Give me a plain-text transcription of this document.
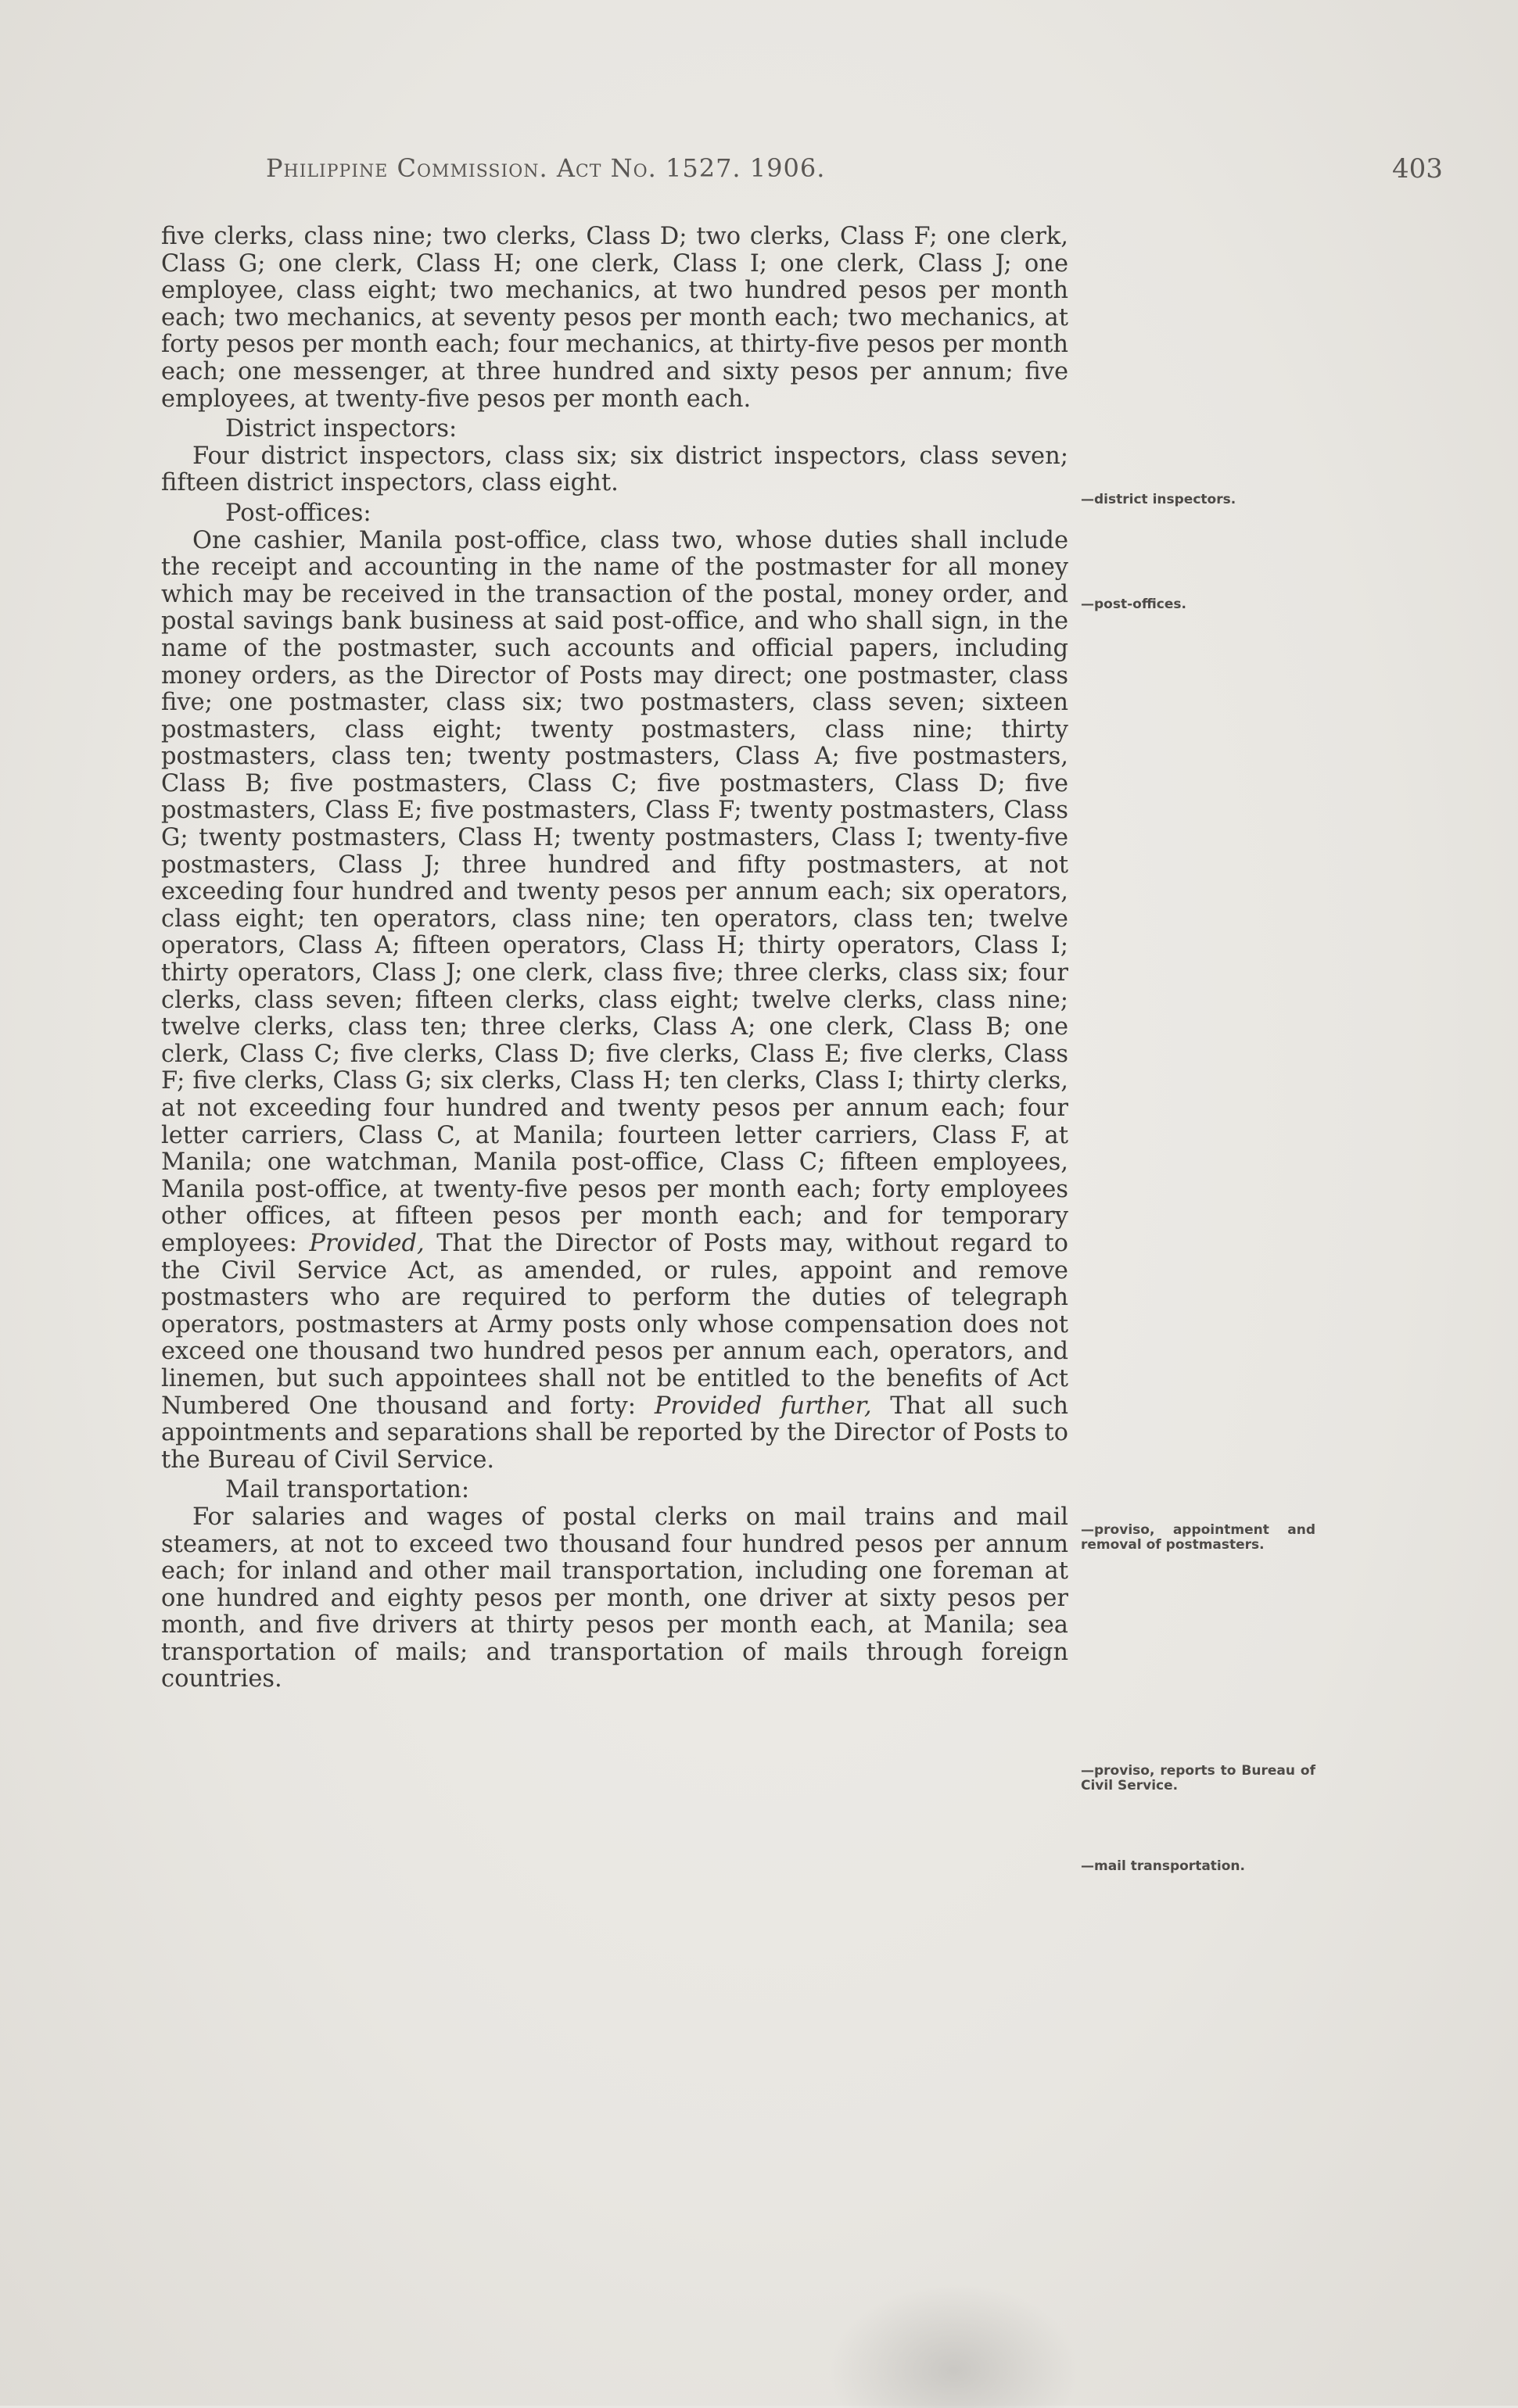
Philippine Commission. Act No. 1527. 1906.	403

five clerks, class nine; two clerks, Class D; two clerks, Class F; one clerk, Class G; one clerk, Class H; one clerk, Class I; one clerk, Class J; one employee, class eight; two mechanics, at two hundred pesos per month each; two mechanics, at seventy pesos per month each; two mechanics, at forty pesos per month each; four mechanics, at thirty-five pesos per month each; one messenger, at three hundred and sixty pesos per annum; five employees, at twenty-five pesos per month each.

District inspectors:

Four district inspectors, class six; six district inspectors, class seven; fifteen district inspectors, class eight.

Post-offices:

One cashier, Manila post-office, class two, whose duties shall include the receipt and accounting in the name of the postmaster for all money which may be received in the transaction of the postal, money order, and postal savings bank business at said post-office, and who shall sign, in the name of the postmaster, such accounts and official papers, including money orders, as the Director of Posts may direct; one postmaster, class five; one postmaster, class six; two postmasters, class seven; sixteen postmasters, class eight; twenty postmasters, class nine; thirty postmasters, class ten; twenty postmasters, Class A; five postmasters, Class B; five postmasters, Class C; five postmasters, Class D; five postmasters, Class E; five postmasters, Class F; twenty postmasters, Class G; twenty postmasters, Class H; twenty postmasters, Class I; twenty-five postmasters, Class J; three hundred and fifty postmasters, at not exceeding four hundred and twenty pesos per annum each; six operators, class eight; ten operators, class nine; ten operators, class ten; twelve operators, Class A; fifteen operators, Class H; thirty operators, Class I; thirty operators, Class J; one clerk, class five; three clerks, class six; four clerks, class seven; fifteen clerks, class eight; twelve clerks, class nine; twelve clerks, class ten; three clerks, Class A; one clerk, Class B; one clerk, Class C; five clerks, Class D; five clerks, Class E; five clerks, Class F; five clerks, Class G; six clerks, Class H; ten clerks, Class I; thirty clerks, at not exceeding four hundred and twenty pesos per annum each; four letter carriers, Class C, at Manila; fourteen letter carriers, Class F, at Manila; one watchman, Manila post-office, Class C; fifteen employees, Manila post-office, at twenty-five pesos per month each; forty employees other offices, at fifteen pesos per month each; and for temporary employees: Provided, That the Director of Posts may, without regard to the Civil Service Act, as amended, or rules, appoint and remove postmasters who are required to perform the duties of telegraph operators, postmasters at Army posts only whose compensation does not exceed one thousand two hundred pesos per annum each, operators, and linemen, but such appointees shall not be entitled to the benefits of Act Numbered One thousand and forty: Provided further, That all such appointments and separations shall be reported by the Director of Posts to the Bureau of Civil Service.

Mail transportation:

For salaries and wages of postal clerks on mail trains and mail steamers, at not to exceed two thousand four hundred pesos per annum each; for inland and other mail transportation, including one foreman at one hundred and eighty pesos per month, one driver at sixty pesos per month, and five drivers at thirty pesos per month each, at Manila; sea transportation of mails; and transportation of mails through foreign countries.

—district inspectors.
—post-offices.
—proviso, appointment and removal of postmasters.
—proviso, reports to Bureau of Civil Service.
—mail transportation.
